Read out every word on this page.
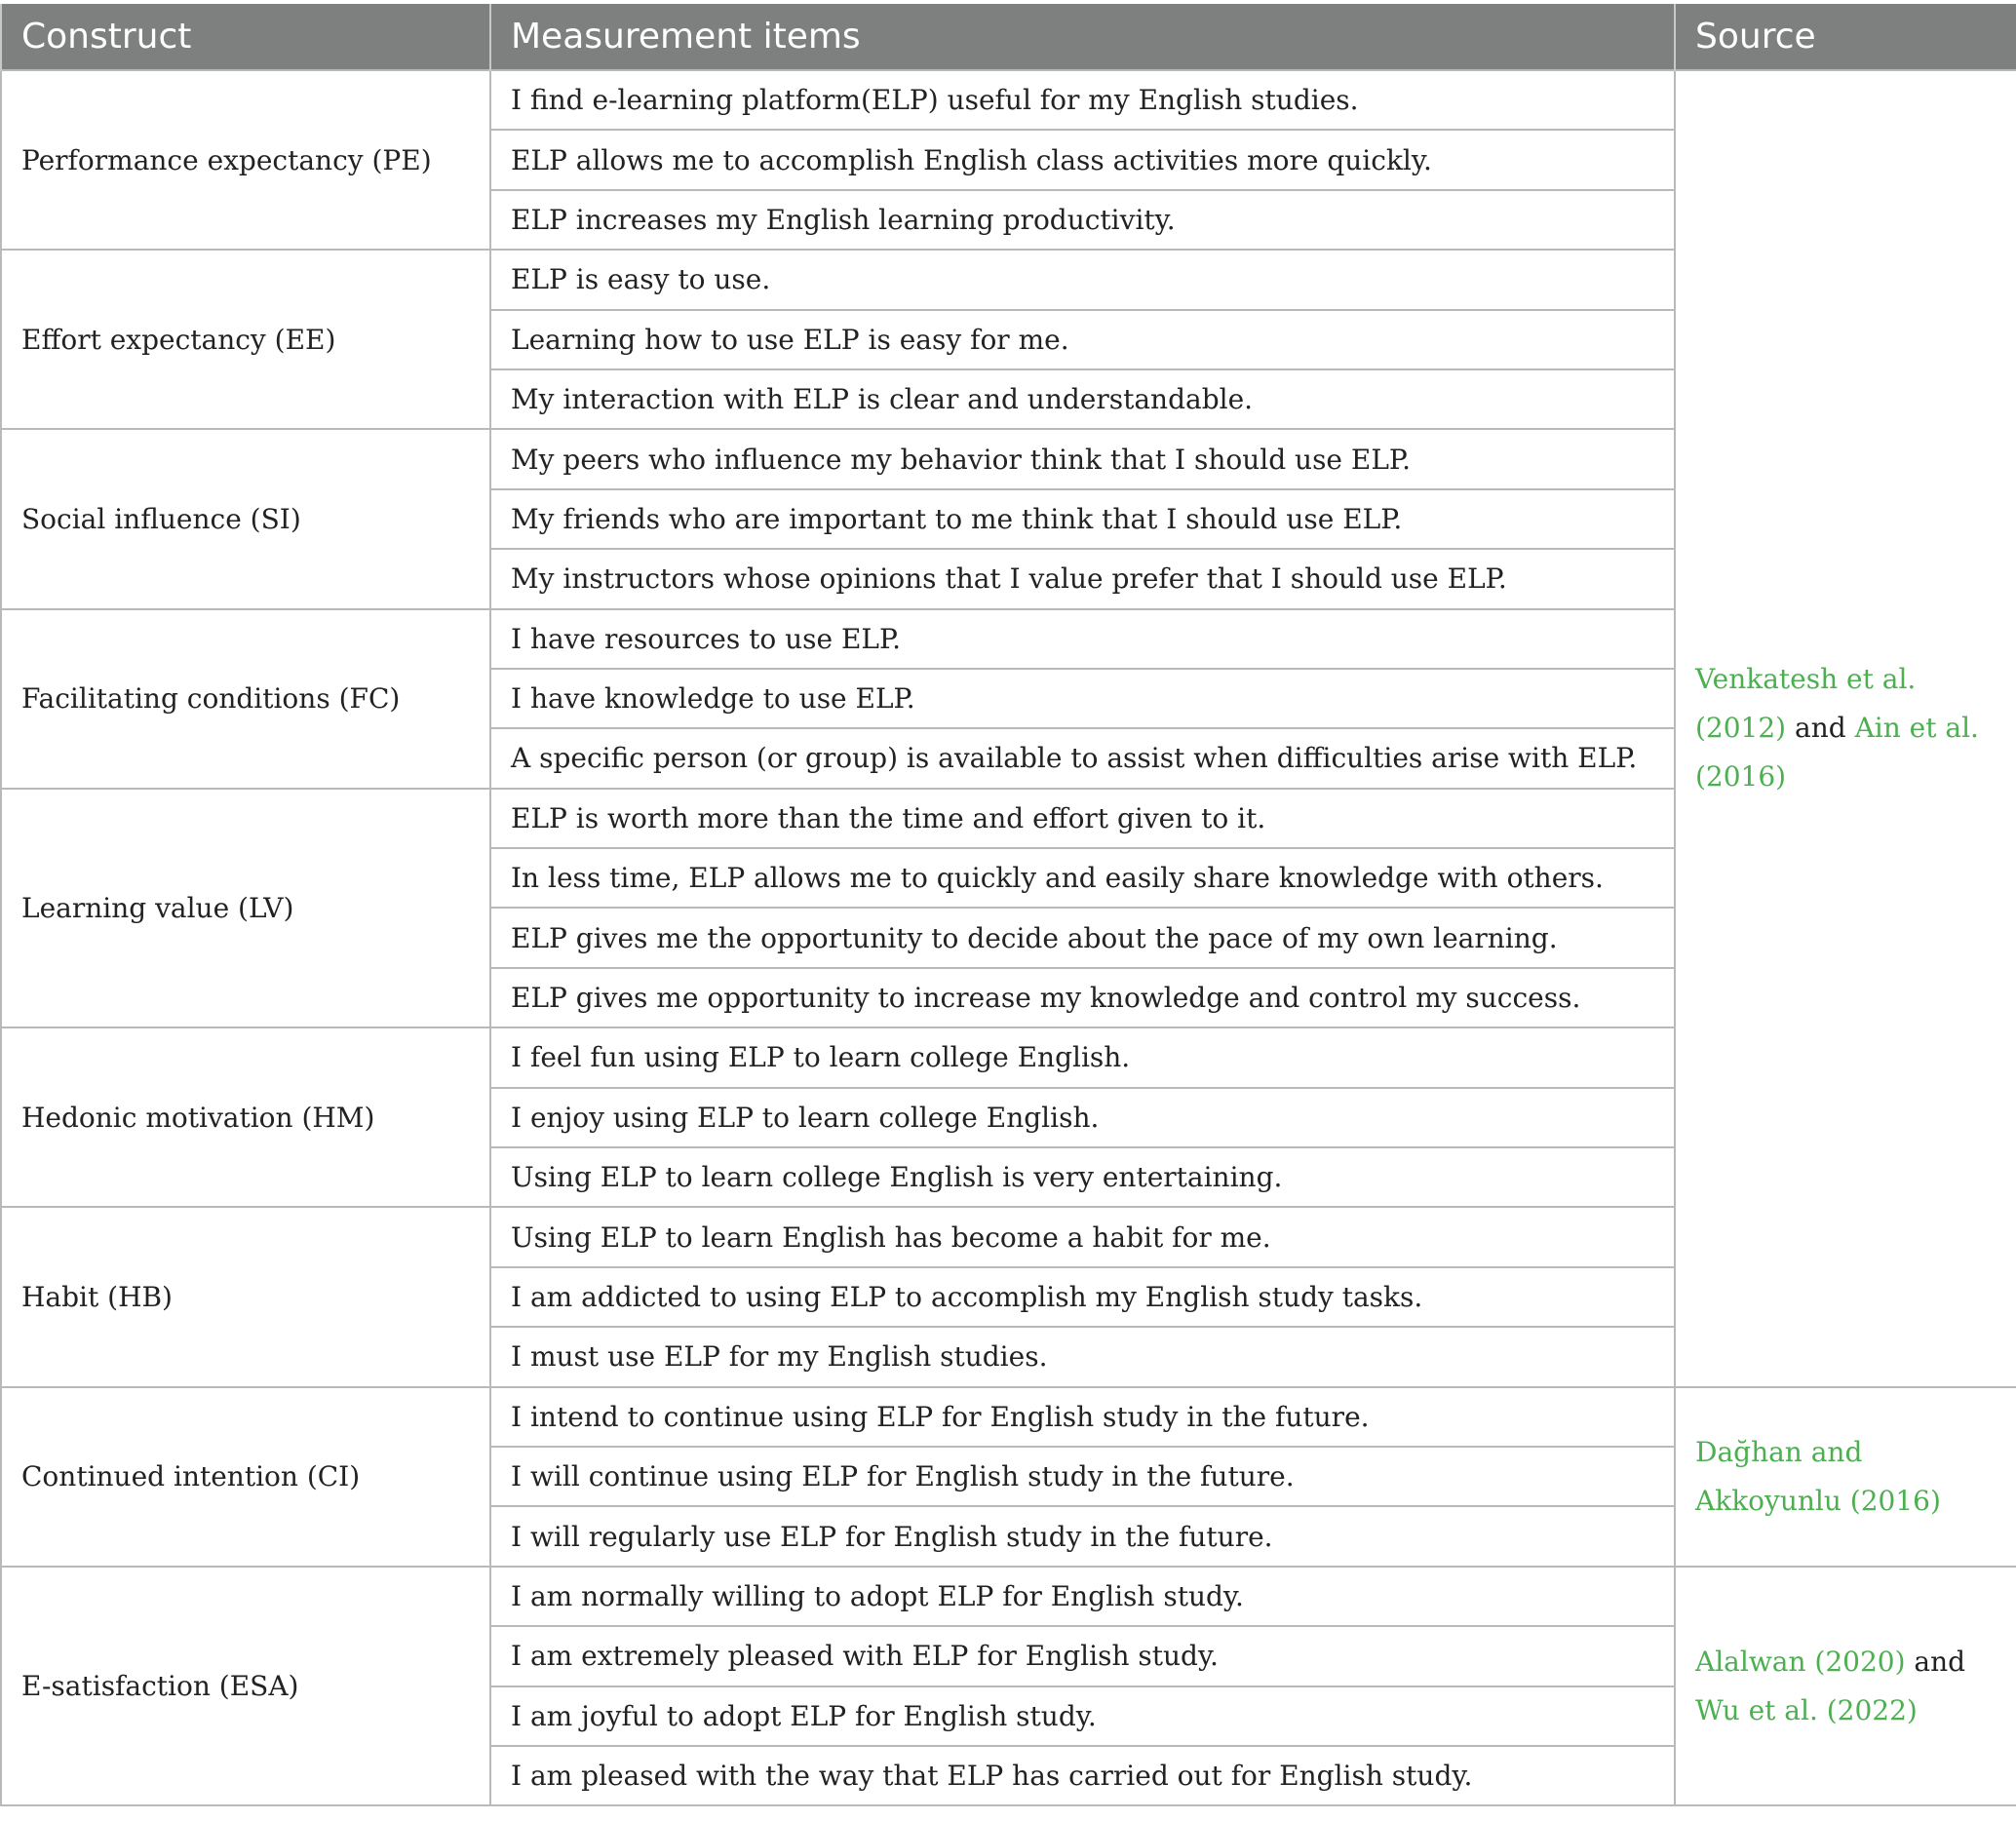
Construct	Measurement items	Source
Performance expectancy (PE)	I find e-learning platform(ELP) useful for my English studies.	Venkatesh et al. (2012) and Ain et al. (2016)
	ELP allows me to accomplish English class activities more quickly.	
	ELP increases my English learning productivity.	
Effort expectancy (EE)	ELP is easy to use.	
	Learning how to use ELP is easy for me.	
	My interaction with ELP is clear and understandable.	
Social influence (SI)	My peers who influence my behavior think that I should use ELP.	
	My friends who are important to me think that I should use ELP.	
	My instructors whose opinions that I value prefer that I should use ELP.	
Facilitating conditions (FC)	I have resources to use ELP.	
	I have knowledge to use ELP.	
	A specific person (or group) is available to assist when difficulties arise with ELP.	
Learning value (LV)	ELP is worth more than the time and effort given to it.	
	In less time, ELP allows me to quickly and easily share knowledge with others.	
	ELP gives me the opportunity to decide about the pace of my own learning.	
	ELP gives me opportunity to increase my knowledge and control my success.	
Hedonic motivation (HM)	I feel fun using ELP to learn college English.	
	I enjoy using ELP to learn college English.	
	Using ELP to learn college English is very entertaining.	
Habit (HB)	Using ELP to learn English has become a habit for me.	
	I am addicted to using ELP to accomplish my English study tasks.	
	I must use ELP for my English studies.	
Continued intention (CI)	I intend to continue using ELP for English study in the future.	Dağhan and Akkoyunlu (2016)
	I will continue using ELP for English study in the future.	
	I will regularly use ELP for English study in the future.	
E-satisfaction (ESA)	I am normally willing to adopt ELP for English study.	Alalwan (2020) and Wu et al. (2022)
	I am extremely pleased with ELP for English study.	
	I am joyful to adopt ELP for English study.	
	I am pleased with the way that ELP has carried out for English study.	
